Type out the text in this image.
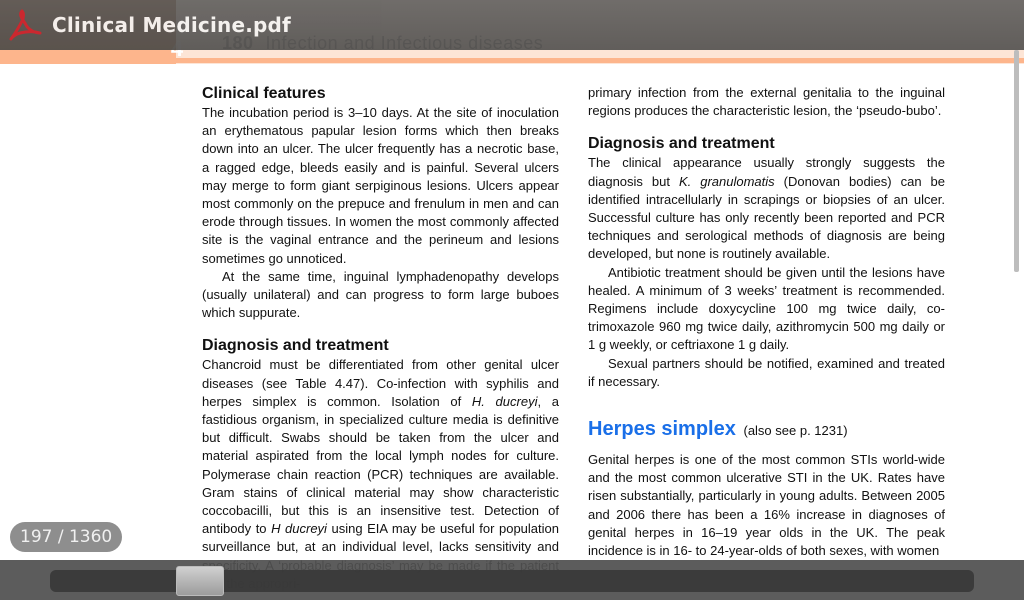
Clinical features

The incubation period is 3–10 days. At the site of inoculation an erythematous papular lesion forms which then breaks down into an ulcer. The ulcer frequently has a necrotic base, a ragged edge, bleeds easily and is painful. Several ulcers may merge to form giant serpiginous lesions. Ulcers appear most commonly on the prepuce and frenulum in men and can erode through tissues. In women the most commonly affected site is the vaginal entrance and the perineum and lesions sometimes go unnoticed.

At the same time, inguinal lymphadenopathy develops (usually unilateral) and can progress to form large buboes which suppurate.

Diagnosis and treatment

Chancroid must be differentiated from other genital ulcer diseases (see Table 4.47). Co-infection with syphilis and herpes simplex is common. Isolation of H. ducreyi, a fastidious organism, in specialized culture media is definitive but difficult. Swabs should be taken from the ulcer and material aspirated from the local lymph nodes for culture. Polymerase chain reaction (PCR) techniques are available. Gram stains of clinical material may show characteristic coccobacilli, but this is an insensitive test. Detection of antibody to H ducreyi using EIA may be useful for population surveillance but, at an individual level, lacks sensitivity and

primary infection from the external genitalia to the inguinal regions produces the characteristic lesion, the ‘pseudo-bubo’.

Diagnosis and treatment

The clinical appearance usually strongly suggests the diagnosis but K. granulomatis (Donovan bodies) can be identified intracellularly in scrapings or biopsies of an ulcer. Successful culture has only recently been reported and PCR techniques and serological methods of diagnosis are being developed, but none is routinely available.

Antibiotic treatment should be given until the lesions have healed. A minimum of 3 weeks’ treatment is recommended. Regimens include doxycycline 100 mg twice daily, co-trimoxazole 960 mg twice daily, azithromycin 500 mg daily or 1 g weekly, or ceftriaxone 1 g daily.

Sexual partners should be notified, examined and treated if necessary.

Herpes simplex (also see p. 1231)

Genital herpes is one of the most common STIs world-wide and the most common ulcerative STI in the UK. Rates have risen substantially, particularly in young adults. Between 2005 and 2006 there has been a 16% increase in diagnoses of genital herpes in 16–19 year olds in the UK. The peak incidence is in 16- to 24-year-olds of both sexes, with women

Clinical Medicine.pdf
197 / 1360
